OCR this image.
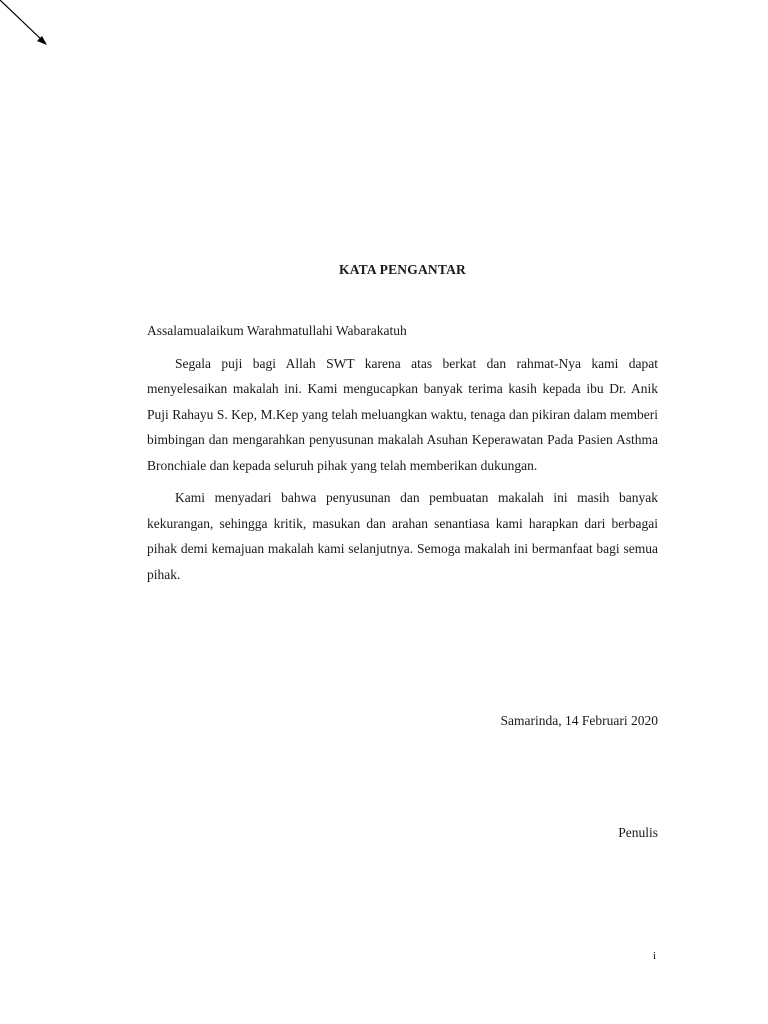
KATA PENGANTAR

Assalamualaikum Warahmatullahi Wabarakatuh

Segala puji bagi Allah SWT karena atas berkat dan rahmat-Nya kami dapat menyelesaikan makalah ini. Kami mengucapkan banyak terima kasih kepada ibu Dr. Anik Puji Rahayu S. Kep, M.Kep yang telah meluangkan waktu, tenaga dan pikiran dalam memberi bimbingan dan mengarahkan penyusunan makalah Asuhan Keperawatan Pada Pasien Asthma Bronchiale dan kepada seluruh pihak yang telah memberikan dukungan.

Kami menyadari bahwa penyusunan dan pembuatan makalah ini masih banyak kekurangan, sehingga kritik, masukan dan arahan senantiasa kami harapkan dari berbagai pihak demi kemajuan makalah kami selanjutnya. Semoga makalah ini bermanfaat bagi semua pihak.

Samarinda, 14 Februari 2020
Penulis
i
